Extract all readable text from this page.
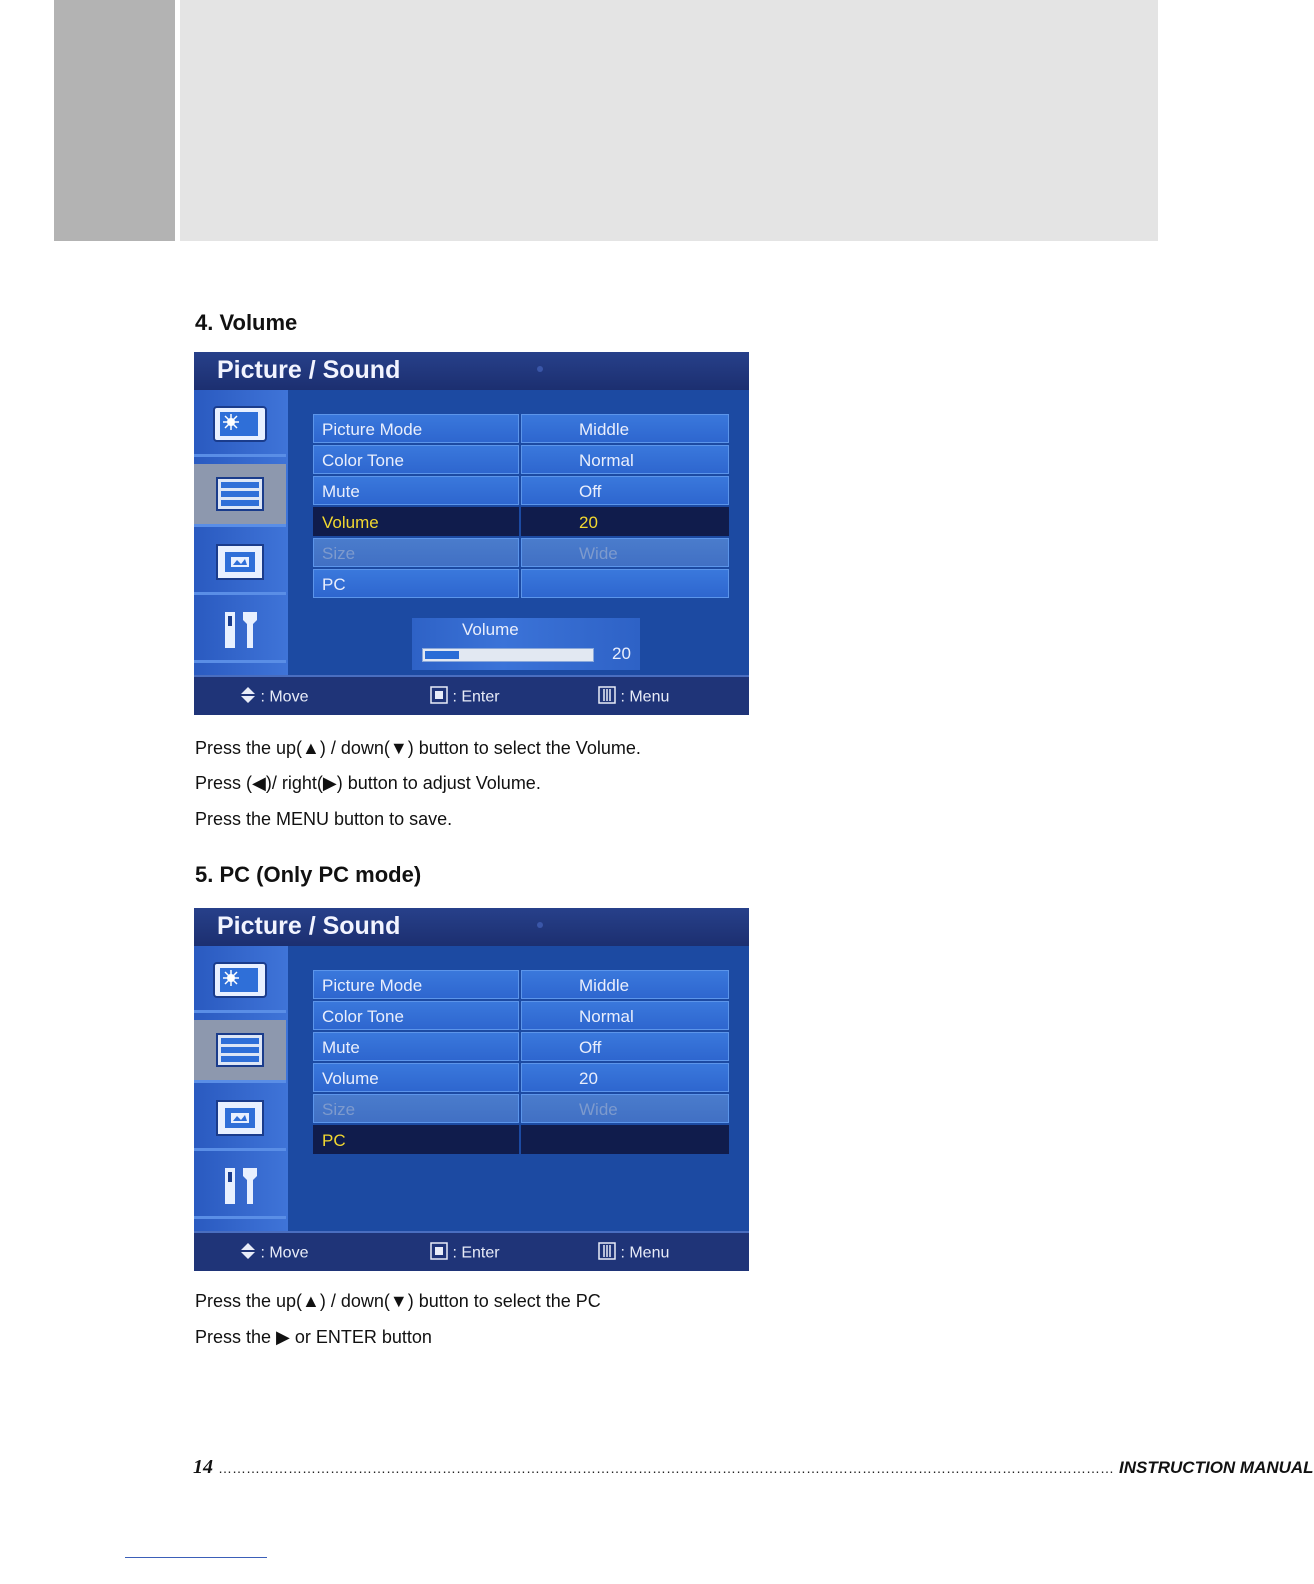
4. Volume
Picture / Sound
Picture Mode	Middle
Color Tone	Normal
Mute	Off
Volume	20
Size	Wide
PC
Volume
20
: Move	: Enter	: Menu
Press the up(▲) / down(▼) button to select the Volume.
Press (◀)/ right(▶) button to adjust Volume.
Press the MENU button to save.
5. PC (Only PC mode)
Picture / Sound
Picture Mode	Middle
Color Tone	Normal
Mute	Off
Volume	20
Size	Wide
PC
: Move	: Enter	: Menu
Press the up(▲) / down(▼) button to select the PC
Press the ▶ or ENTER button
14 ………………………………………………………………………………………………………………………………………………………………………… INSTRUCTION MANUAL
